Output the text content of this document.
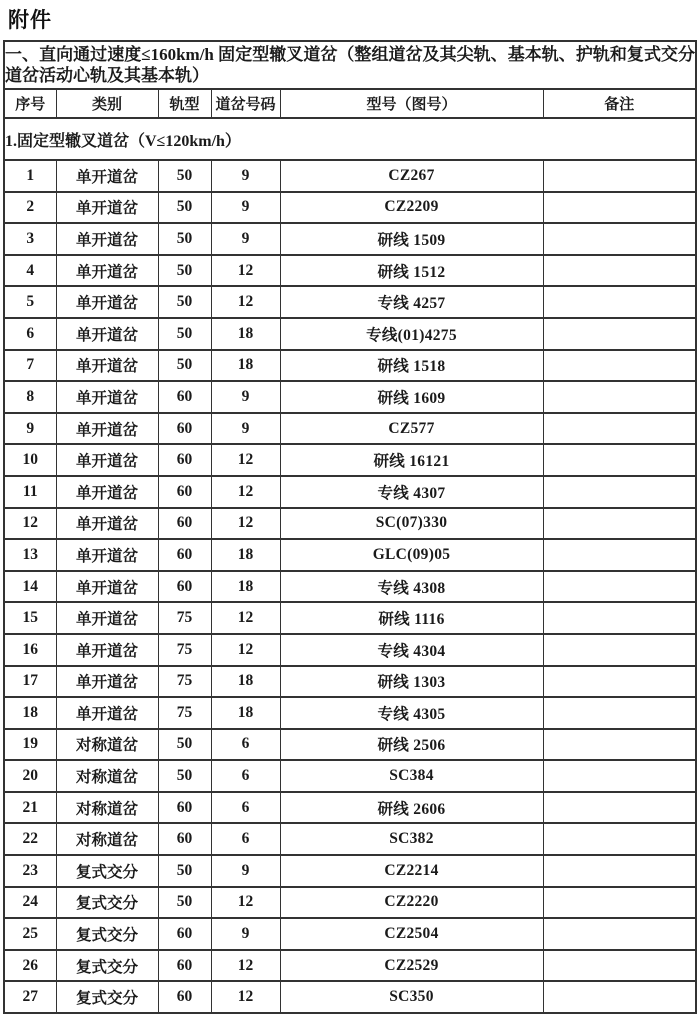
附件
一、直向通过速度≤160km/h 固定型辙叉道岔（整组道岔及其尖轨、基本轨、护轨和复式交分道岔活动心轨及其基本轨）					
序号	类别	轨型	道岔号码	型号（图号）	备注
1.固定型辙叉道岔（V≤120km/h）					
1	单开道岔	50	9	CZ267	
2	单开道岔	50	9	CZ2209	
3	单开道岔	50	9	研线 1509	
4	单开道岔	50	12	研线 1512	
5	单开道岔	50	12	专线 4257	
6	单开道岔	50	18	专线(01)4275	
7	单开道岔	50	18	研线 1518	
8	单开道岔	60	9	研线 1609	
9	单开道岔	60	9	CZ577	
10	单开道岔	60	12	研线 16121	
11	单开道岔	60	12	专线 4307	
12	单开道岔	60	12	SC(07)330	
13	单开道岔	60	18	GLC(09)05	
14	单开道岔	60	18	专线 4308	
15	单开道岔	75	12	研线 1116	
16	单开道岔	75	12	专线 4304	
17	单开道岔	75	18	研线 1303	
18	单开道岔	75	18	专线 4305	
19	对称道岔	50	6	研线 2506	
20	对称道岔	50	6	SC384	
21	对称道岔	60	6	研线 2606	
22	对称道岔	60	6	SC382	
23	复式交分	50	9	CZ2214	
24	复式交分	50	12	CZ2220	
25	复式交分	60	9	CZ2504	
26	复式交分	60	12	CZ2529	
27	复式交分	60	12	SC350	
